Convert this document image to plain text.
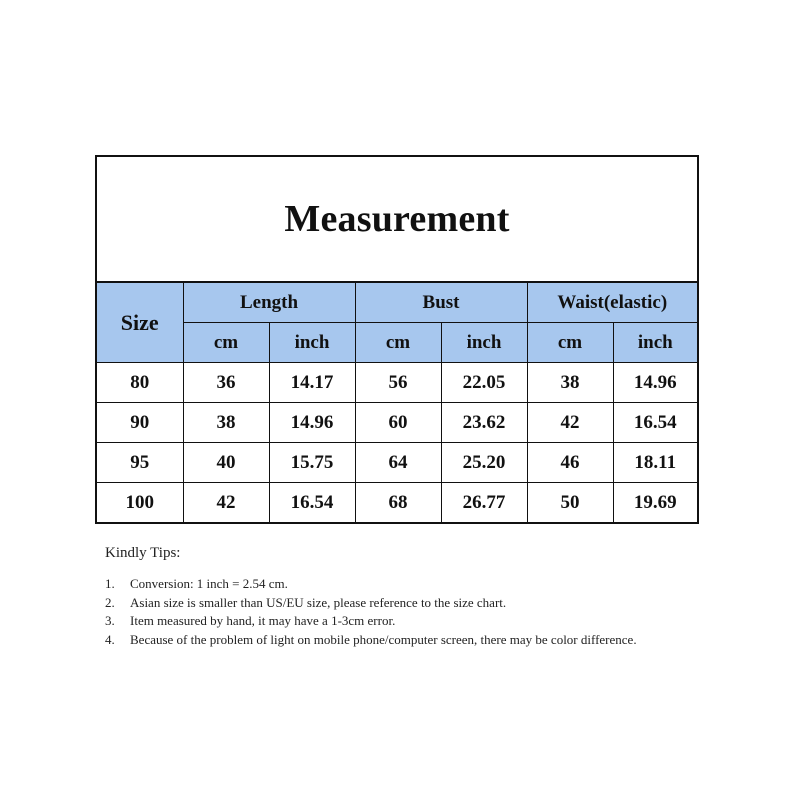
Measurement
Size	Length		Bust		Waist(elastic)	
	cm	inch	cm	inch	cm	inch
80	36	14.17	56	22.05	38	14.96
90	38	14.96	60	23.62	42	16.54
95	40	15.75	64	25.20	46	18.11
100	42	16.54	68	26.77	50	19.69
Kindly Tips:
1.	Conversion: 1 inch = 2.54 cm.
2.	Asian size is smaller than US/EU size, please reference to the size chart.
3.	Item measured by hand, it may have a 1-3cm error.
4.	Because of the problem of light on mobile phone/computer screen, there may be color difference.
